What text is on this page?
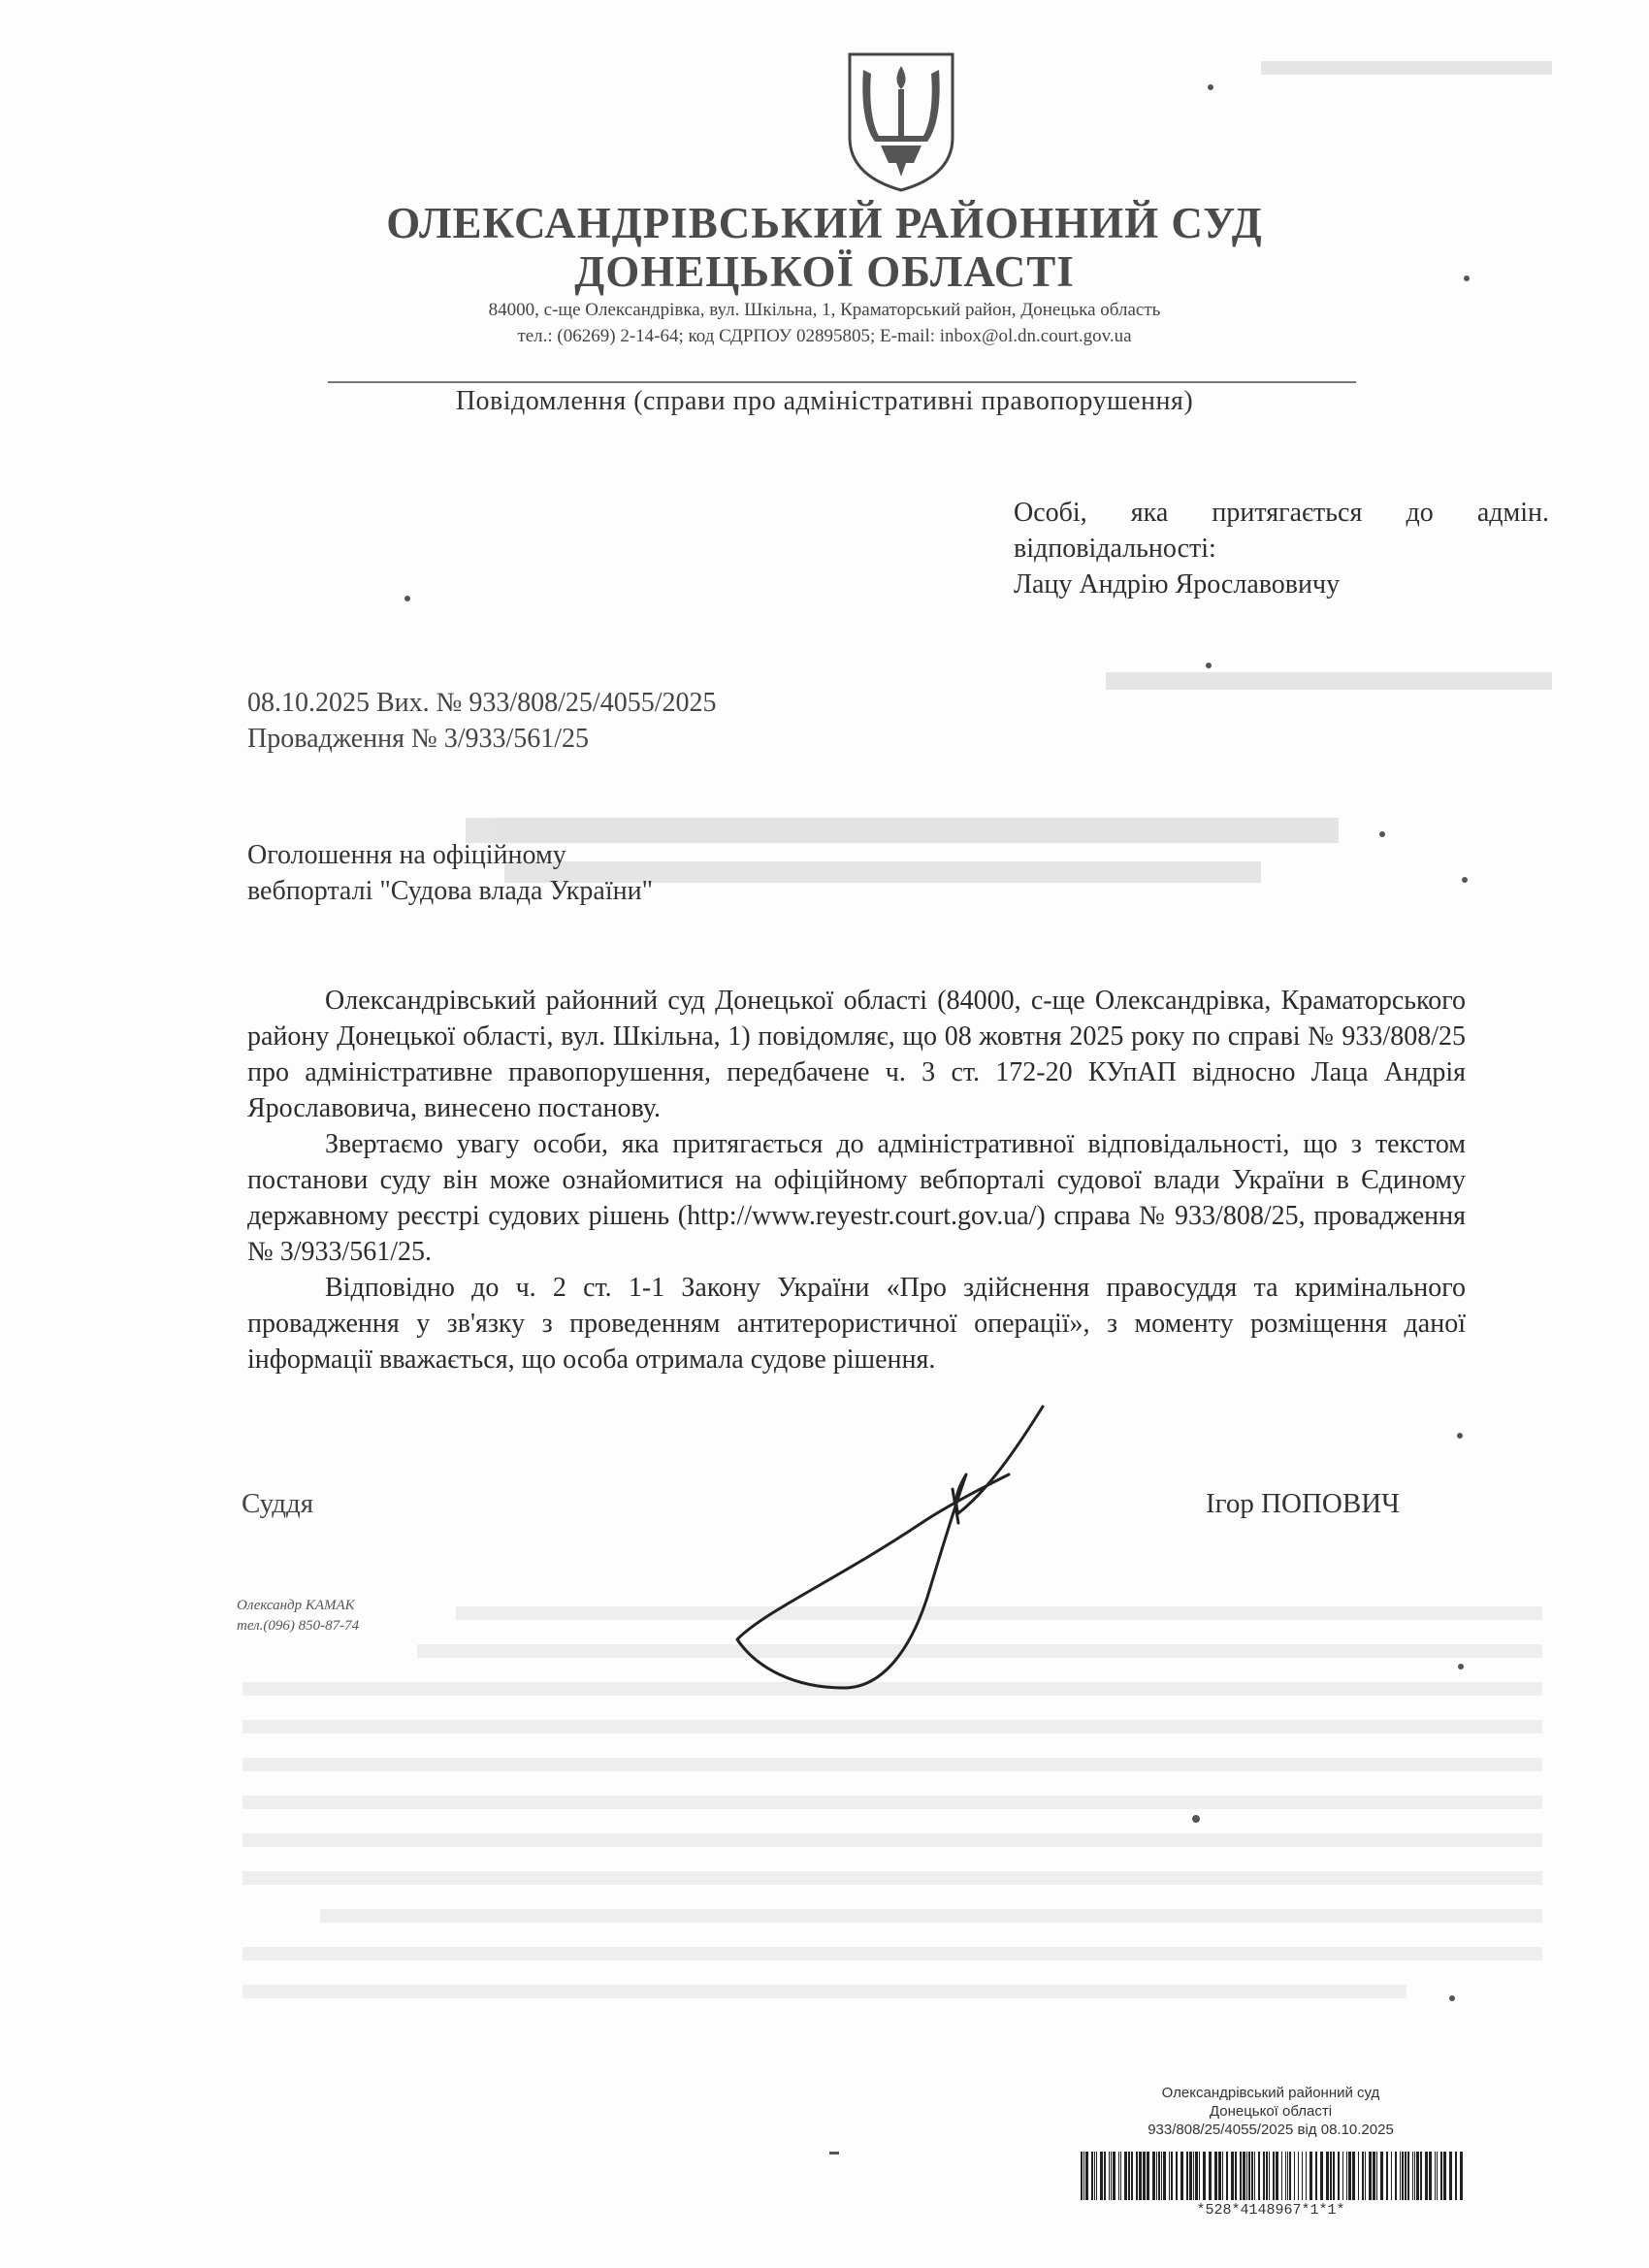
ОЛЕКСАНДРІВСЬКИЙ РАЙОННИЙ СУД
ДОНЕЦЬКОЇ ОБЛАСТІ
84000, с-ще Олександрівка, вул. Шкільна, 1, Краматорський район, Донецька область
тел.: (06269) 2-14-64; код СДРПОУ 02895805; E-mail: inbox@ol.dn.court.gov.ua
Повідомлення (справи про адміністративні правопорушення)
Особі, яка притягається до адмін.
відповідальності:
Лацу Андрію Ярославовичу
08.10.2025 Вих. № 933/808/25/4055/2025
Провадження № 3/933/561/25
Оголошення на офіційному
вебпорталі "Судова влада України"

Олександрівський районний суд Донецької області (84000, с-ще Олександрівка, Краматорського району Донецької області, вул. Шкільна, 1) повідомляє, що 08 жовтня 2025 року по справі № 933/808/25 про адміністративне правопорушення, передбачене ч. 3 ст. 172-20 КУпАП відносно Лаца Андрія Ярославовича, винесено постанову.

Звертаємо увагу особи, яка притягається до адміністративної відповідальності, що з текстом постанови суду він може ознайомитися на офіційному вебпорталі судової влади України в Єдиному державному реєстрі судових рішень (http://www.reyestr.court.gov.ua/) справа № 933/808/25, провадження № 3/933/561/25.

Відповідно до ч. 2 ст. 1-1 Закону України «Про здійснення правосуддя та кримінального провадження у зв'язку з проведенням антитерористичної операції», з моменту розміщення даної інформації вважається, що особа отримала судове рішення.

Суддя	Ігор ПОПОВИЧ
Олександр КАМАК
тел.(096) 850-87-74
Олександрівський районний суд
Донецької області
933/808/25/4055/2025 від 08.10.2025
*528*4148967*1*1*
